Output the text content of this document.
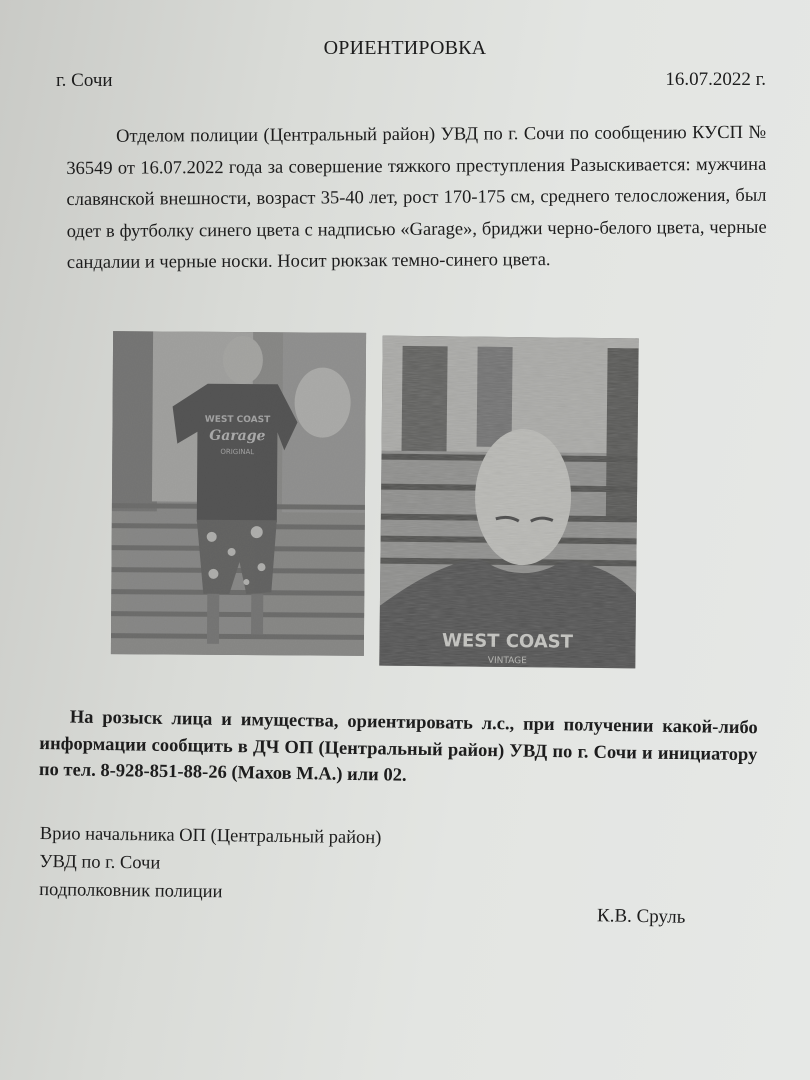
ОРИЕНТИРОВКА
г. Сочи	16.07.2022 г.

Отделом полиции (Центральный район) УВД по г. Сочи по сообщению КУСП № 36549 от 16.07.2022 года за совершение тяжкого преступления Разыскивается: мужчина славянской внешности, возраст 35-40 лет, рост 170-175 см, среднего телосложения, был одет в футболку синего цвета с надписью «Garage», бриджи черно-белого цвета, черные сандалии и черные носки. Носит рюкзак темно-синего цвета.

WEST COAST
Garage
ORIGINAL
WEST COAST
VINTAGE

На розыск лица и имущества, ориентировать л.с., при получении какой-либо информации сообщить в ДЧ ОП (Центральный район) УВД по г. Сочи и инициатору по тел. 8-928-851-88-26 (Махов М.А.) или 02.

Врио начальника ОП (Центральный район)
УВД по г. Сочи
подполковник полиции
К.В. Сруль
